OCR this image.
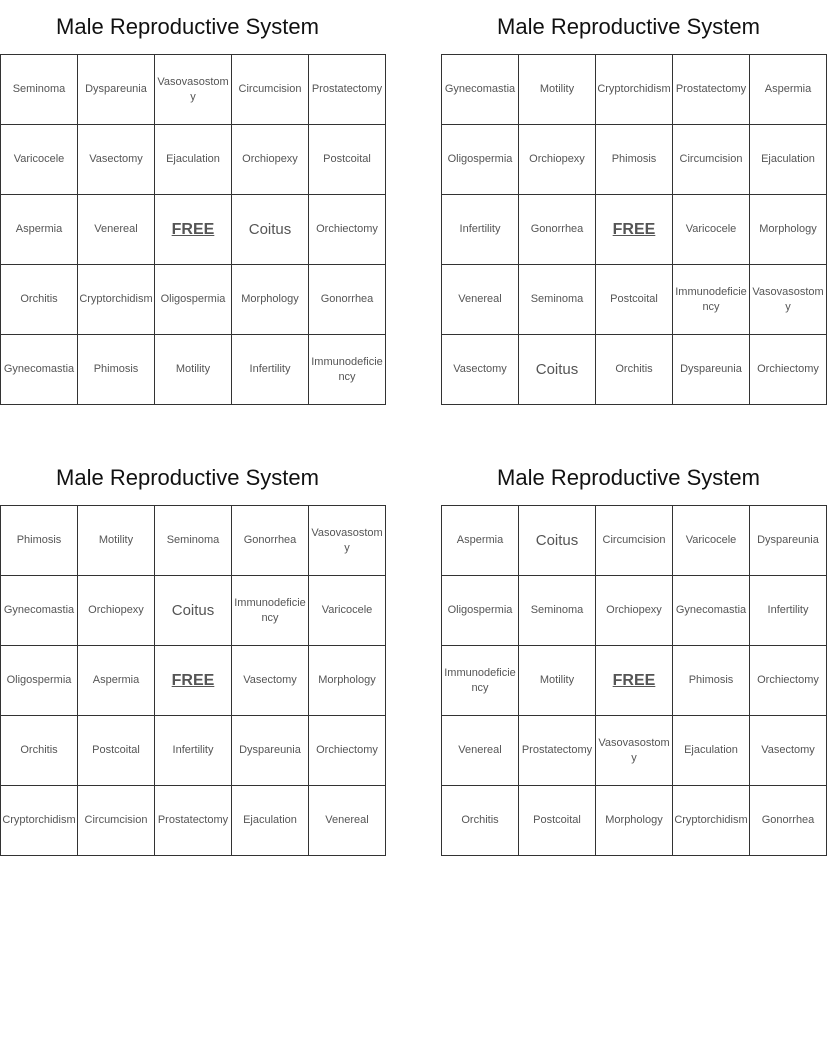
Male Reproductive System
Seminoma	Dyspareunia	Vasovasostomy	Circumcision	Prostatectomy
Varicocele	Vasectomy	Ejaculation	Orchiopexy	Postcoital
Aspermia	Venereal	FREE	Coitus	Orchiectomy
Orchitis	Cryptorchidism	Oligospermia	Morphology	Gonorrhea
Gynecomastia	Phimosis	Motility	Infertility	Immunodeficiency
Male Reproductive System
Gynecomastia	Motility	Cryptorchidism	Prostatectomy	Aspermia
Oligospermia	Orchiopexy	Phimosis	Circumcision	Ejaculation
Infertility	Gonorrhea	FREE	Varicocele	Morphology
Venereal	Seminoma	Postcoital	Immunodeficiency	Vasovasostomy
Vasectomy	Coitus	Orchitis	Dyspareunia	Orchiectomy
Male Reproductive System
Phimosis	Motility	Seminoma	Gonorrhea	Vasovasostomy
Gynecomastia	Orchiopexy	Coitus	Immunodeficiency	Varicocele
Oligospermia	Aspermia	FREE	Vasectomy	Morphology
Orchitis	Postcoital	Infertility	Dyspareunia	Orchiectomy
Cryptorchidism	Circumcision	Prostatectomy	Ejaculation	Venereal
Male Reproductive System
Aspermia	Coitus	Circumcision	Varicocele	Dyspareunia
Oligospermia	Seminoma	Orchiopexy	Gynecomastia	Infertility
Immunodeficiency	Motility	FREE	Phimosis	Orchiectomy
Venereal	Prostatectomy	Vasovasostomy	Ejaculation	Vasectomy
Orchitis	Postcoital	Morphology	Cryptorchidism	Gonorrhea
